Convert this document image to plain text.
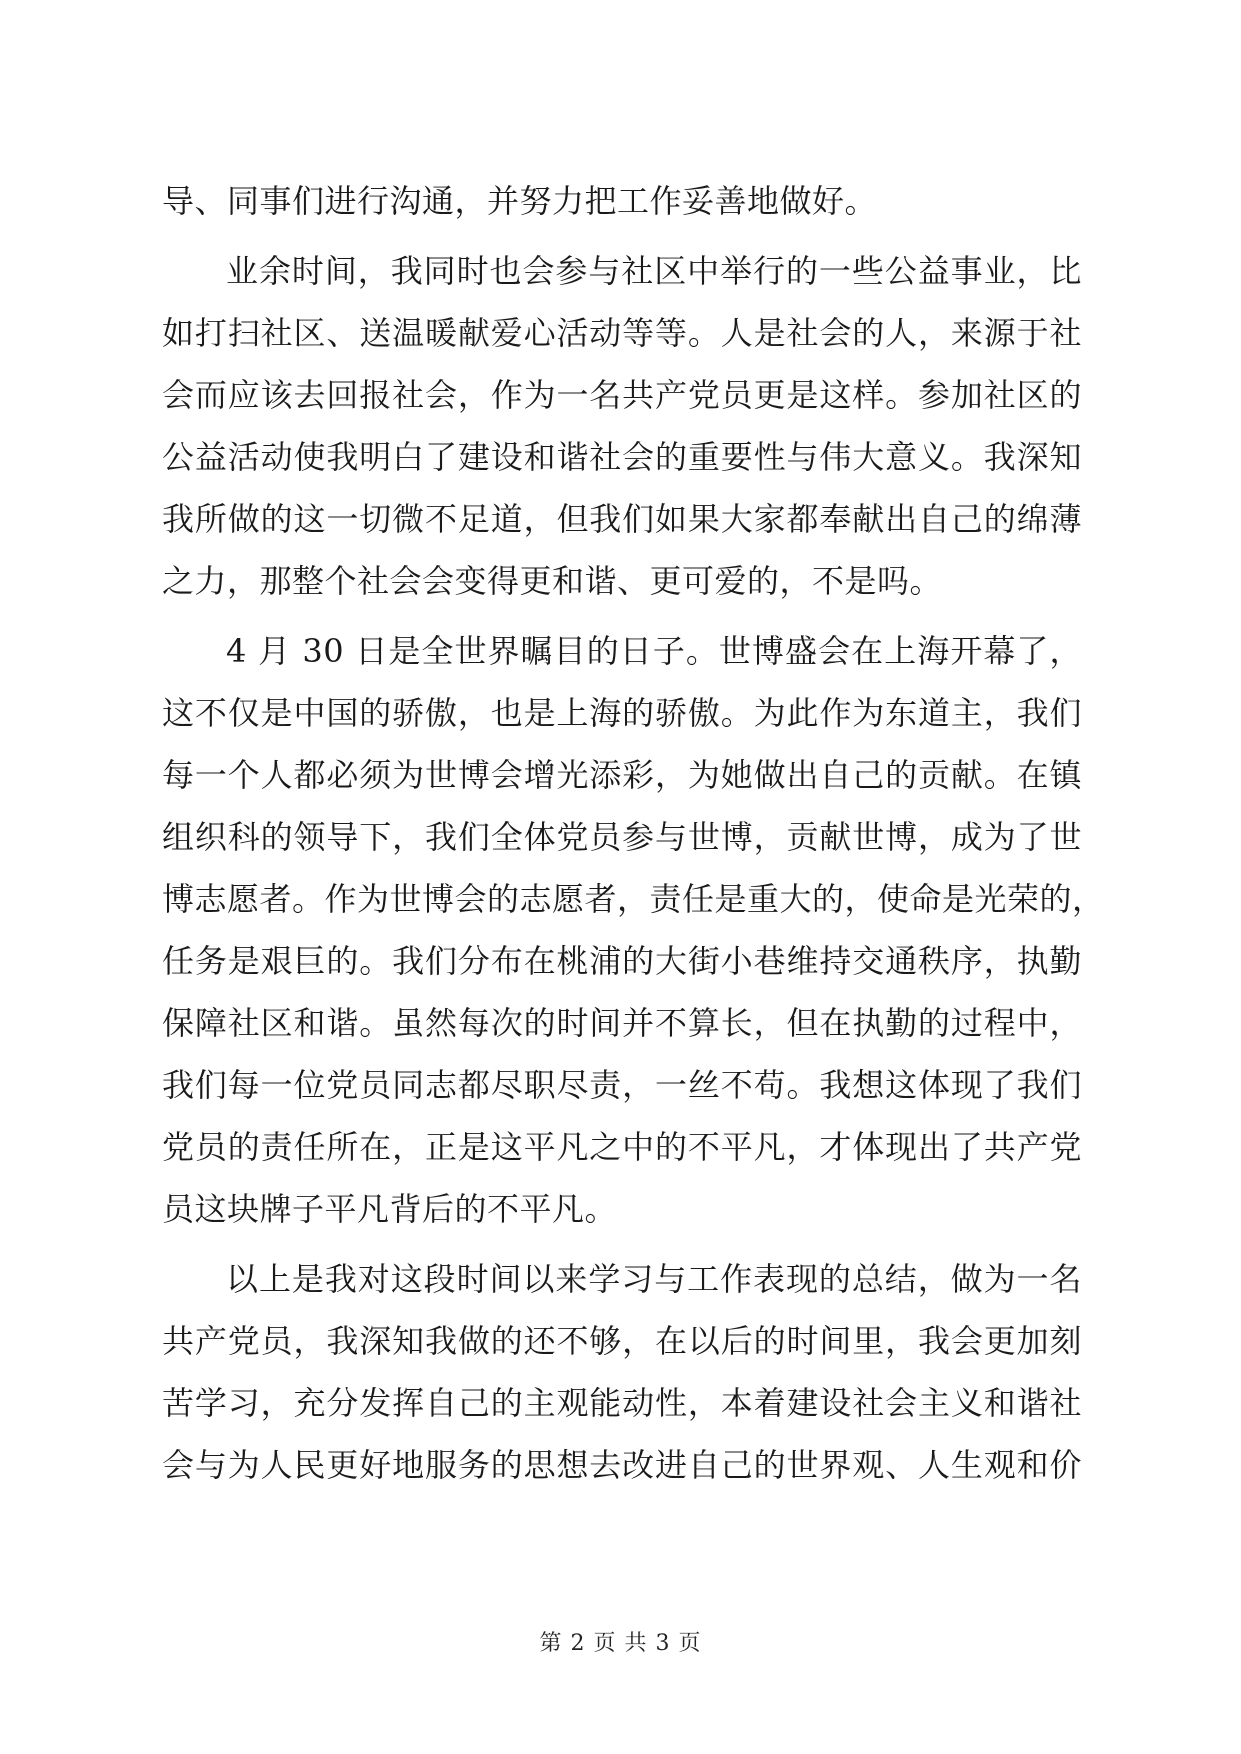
导、同事们进行沟通，并努力把工作妥善地做好。
业余时间，我同时也会参与社区中举行的一些公益事业，比
如打扫社区、送温暖献爱心活动等等。人是社会的人，来源于社
会而应该去回报社会，作为一名共产党员更是这样。参加社区的
公益活动使我明白了建设和谐社会的重要性与伟大意义。我深知
我所做的这一切微不足道，但我们如果大家都奉献出自己的绵薄
之力，那整个社会会变得更和谐、更可爱的，不是吗。
4 月 30 日是全世界瞩目的日子。世博盛会在上海开幕了，
这不仅是中国的骄傲，也是上海的骄傲。为此作为东道主，我们
每一个人都必须为世博会增光添彩，为她做出自己的贡献。在镇
组织科的领导下，我们全体党员参与世博，贡献世博，成为了世
博志愿者。作为世博会的志愿者，责任是重大的，使命是光荣的，
任务是艰巨的。我们分布在桃浦的大街小巷维持交通秩序，执勤
保障社区和谐。虽然每次的时间并不算长，但在执勤的过程中，
我们每一位党员同志都尽职尽责，一丝不苟。我想这体现了我们
党员的责任所在，正是这平凡之中的不平凡，才体现出了共产党
员这块牌子平凡背后的不平凡。
以上是我对这段时间以来学习与工作表现的总结，做为一名
共产党员，我深知我做的还不够，在以后的时间里，我会更加刻
苦学习，充分发挥自己的主观能动性，本着建设社会主义和谐社
会与为人民更好地服务的思想去改进自己的世界观、人生观和价
第 2 页 共 3 页
